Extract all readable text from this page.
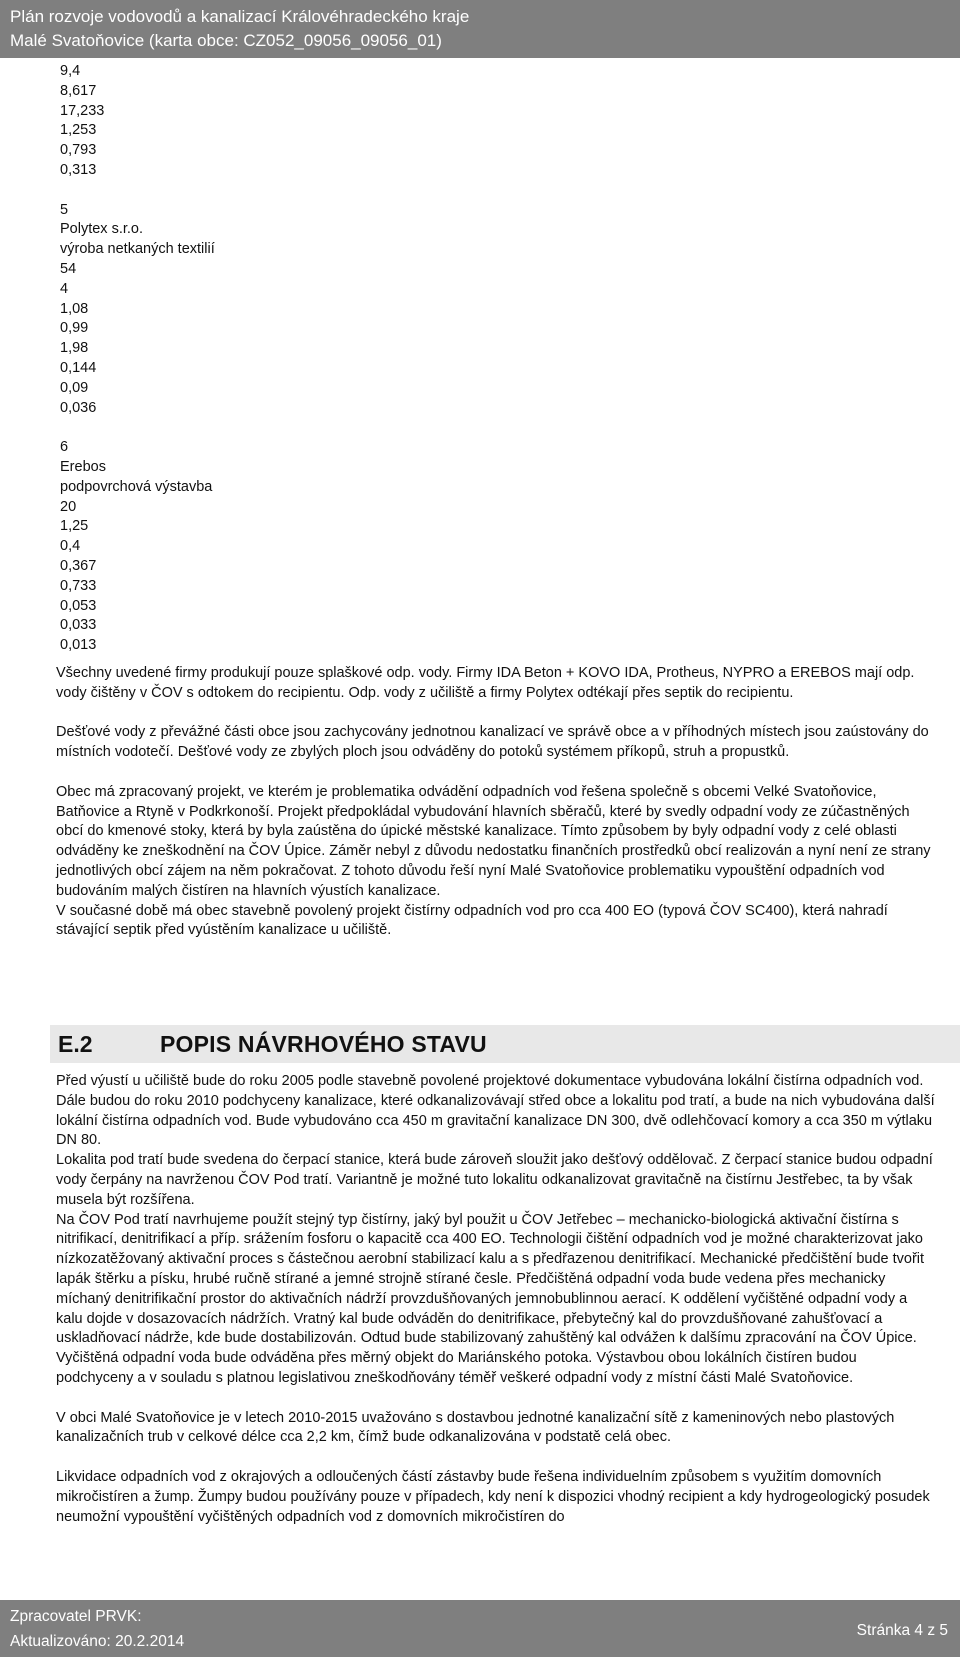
Plán rozvoje vodovodů a kanalizací Královéhradeckého kraje
Malé Svatoňovice (karta obce: CZ052_09056_09056_01)
9,4
8,617
17,233
1,253
0,793
0,313
5
Polytex s.r.o.
výroba netkaných textilií
54
4
1,08
0,99
1,98
0,144
0,09
0,036
6
Erebos
podpovrchová výstavba
20
1,25
0,4
0,367
0,733
0,053
0,033
0,013

Všechny uvedené firmy produkují pouze splaškové odp. vody. Firmy IDA Beton + KOVO IDA, Protheus, NYPRO a EREBOS mají odp. vody čištěny v ČOV s odtokem do recipientu. Odp. vody z učiliště a firmy Polytex odtékají přes septik do recipientu.

Dešťové vody z převážné části obce jsou zachycovány jednotnou kanalizací ve správě obce a v příhodných místech jsou zaústovány do místních vodotečí. Dešťové vody ze zbylých ploch jsou odváděny do potoků systémem příkopů, struh a propustků.

Obec má zpracovaný projekt, ve kterém je problematika odvádění odpadních vod řešena společně s obcemi Velké Svatoňovice, Batňovice a Rtyně v Podkrkonoší. Projekt předpokládal vybudování hlavních sběračů, které by svedly odpadní vody ze zúčastněných obcí do kmenové stoky, která by byla zaústěna do úpické městské kanalizace. Tímto způsobem by byly odpadní vody z celé oblasti odváděny ke zneškodnění na ČOV Úpice. Záměr nebyl z důvodu nedostatku finančních prostředků obcí realizován a nyní není ze strany jednotlivých obcí zájem na něm pokračovat. Z tohoto důvodu řeší nyní Malé Svatoňovice problematiku vypouštění odpadních vod budováním malých čistíren na hlavních výustích kanalizace.
V současné době má obec stavebně povolený projekt čistírny odpadních vod pro cca 400 EO (typová ČOV SC400), která nahradí stávající septik před vyústěním kanalizace u učiliště.

E.2	POPIS NÁVRHOVÉHO STAVU

Před výustí u učiliště bude do roku 2005 podle stavebně povolené projektové dokumentace vybudována lokální čistírna odpadních vod.
Dále budou do roku 2010 podchyceny kanalizace, které odkanalizovávají střed obce a lokalitu pod tratí, a bude na nich vybudována další lokální čistírna odpadních vod. Bude vybudováno cca 450 m gravitační kanalizace DN 300, dvě odlehčovací komory a cca 350 m výtlaku DN 80.
Lokalita pod tratí bude svedena do čerpací stanice, která bude zároveň sloužit jako dešťový oddělovač. Z čerpací stanice budou odpadní vody čerpány na navrženou ČOV Pod tratí. Variantně je možné tuto lokalitu odkanalizovat gravitačně na čistírnu Jestřebec, ta by však musela být rozšířena.
Na ČOV Pod tratí navrhujeme použít stejný typ čistírny, jaký byl použit u ČOV Jetřebec – mechanicko-biologická aktivační čistírna s nitrifikací, denitrifikací a příp. srážením fosforu o kapacitě cca 400 EO. Technologii čištění odpadních vod je možné charakterizovat jako nízkozatěžovaný aktivační proces s částečnou aerobní stabilizací kalu a s předřazenou denitrifikací. Mechanické předčištění bude tvořit lapák štěrku a písku, hrubé ručně stírané a jemné strojně stírané česle. Předčištěná odpadní voda bude vedena přes mechanicky míchaný denitrifikační prostor do aktivačních nádrží provzdušňovaných jemnobublinnou aerací. K oddělení vyčištěné odpadní vody a kalu dojde v dosazovacích nádržích. Vratný kal bude odváděn do denitrifikace, přebytečný kal do provzdušňované zahušťovací a uskladňovací nádrže, kde bude dostabilizován. Odtud bude stabilizovaný zahuštěný kal odvážen k dalšímu zpracování na ČOV Úpice. Vyčištěná odpadní voda bude odváděna přes měrný objekt do Mariánského potoka. Výstavbou obou lokálních čistíren budou podchyceny a v souladu s platnou legislativou zneškodňovány téměř veškeré odpadní vody z místní části Malé Svatoňovice.

V obci Malé Svatoňovice je v letech 2010-2015 uvažováno s dostavbou jednotné kanalizační sítě z kameninových nebo plastových kanalizačních trub v celkové délce cca 2,2 km, čímž bude odkanalizována v podstatě celá obec.

Likvidace odpadních vod z okrajových a odloučených částí zástavby bude řešena individuelním způsobem s využitím domovních mikročistíren a žump. Žumpy budou používány pouze v případech, kdy není k dispozici vhodný recipient a kdy hydrogeologický posudek neumožní vypouštění vyčištěných odpadních vod z domovních mikročistíren do

Zpracovatel PRVK:
Aktualizováno: 20.2.2014
Stránka 4 z 5
